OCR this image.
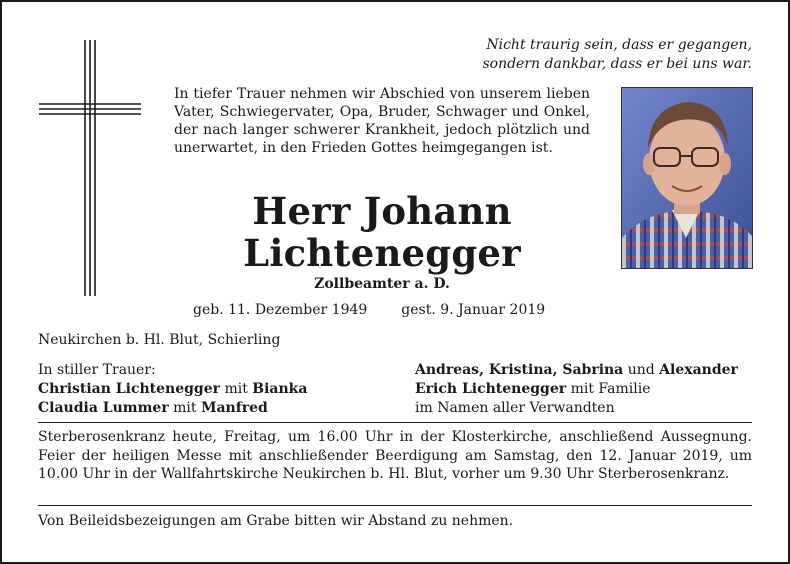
Nicht traurig sein, dass er gegangen,
sondern dankbar, dass er bei uns war.
In tiefer Trauer nehmen wir Abschied von unserem lieben Vater, Schwiegervater, Opa, Bruder, Schwager und Onkel, der nach langer schwerer Krankheit, jedoch plötzlich und unerwartet, in den Frieden Gottes heimgegangen ist.
Herr Johann
Lichtenegger
Zollbeamter a. D.
geb. 11. Dezember 1949 gest. 9. Januar 2019
Neukirchen b. Hl. Blut, Schierling
In stiller Trauer:
Christian Lichtenegger mit Bianka
Claudia Lummer mit Manfred
Andreas, Kristina, Sabrina und Alexander
Erich Lichtenegger mit Familie
im Namen aller Verwandten
Sterberosenkranz heute, Freitag, um 16.00 Uhr in der Klosterkirche, anschließend Aussegnung. Feier der heiligen Messe mit anschließender Beerdigung am Samstag, den 12. Januar 2019, um 10.00 Uhr in der Wallfahrtskirche Neukirchen b. Hl. Blut, vorher um 9.30 Uhr Sterberosenkranz.
Von Beileidsbezeigungen am Grabe bitten wir Abstand zu nehmen.
